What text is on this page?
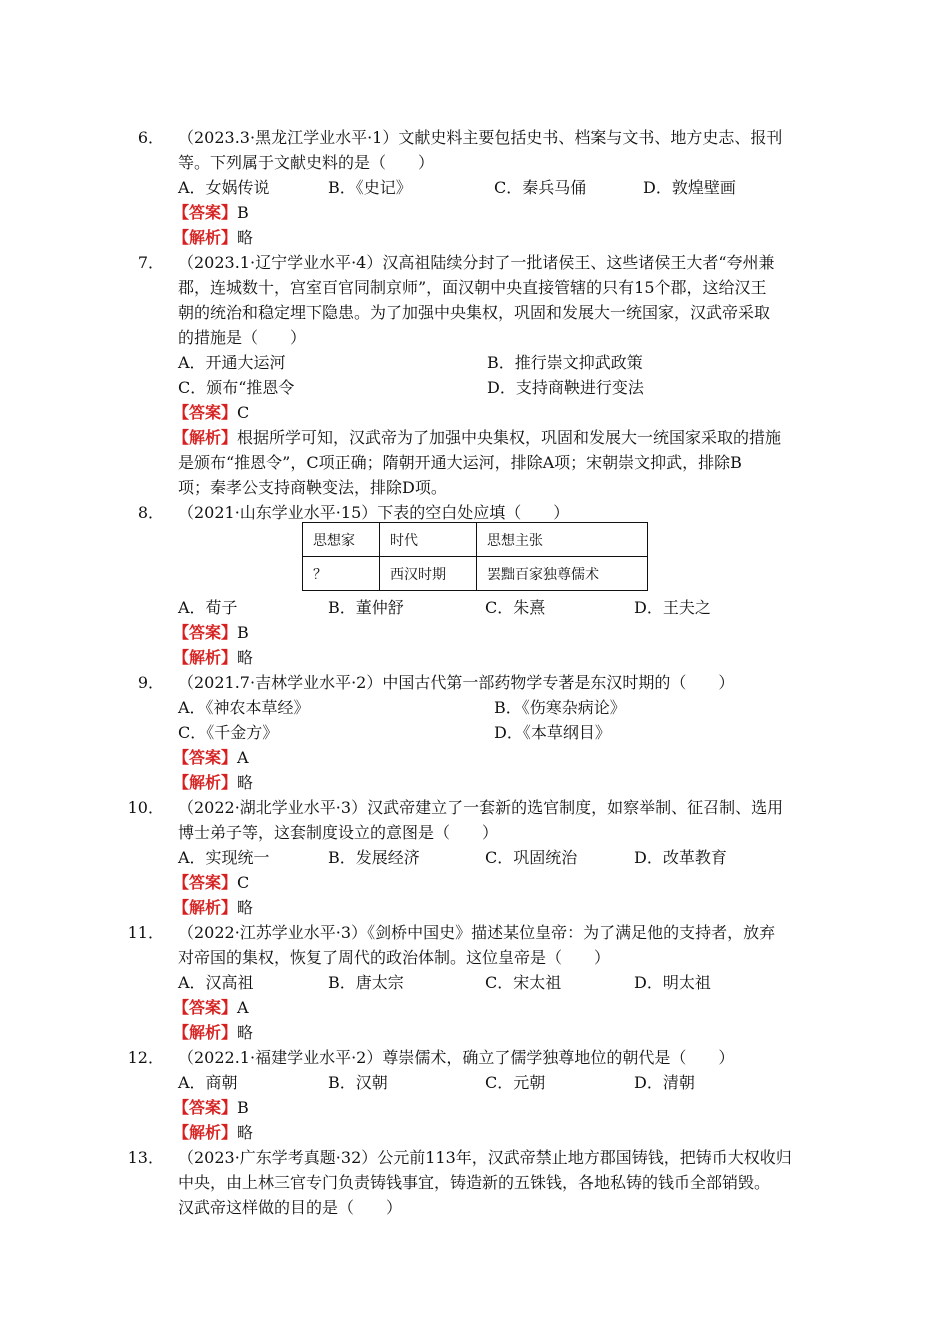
6． （2023.3·黑龙江学业水平·1）文献史料主要包括史书、档案与文书、地方史志、报刊
等。下列属于文献史料的是（　　）
A．女娲传说	B．《史记》	C．秦兵马俑	D．敦煌壁画
【答案】B
【解析】略
7． （2023.1·辽宁学业水平·4）汉高祖陆续分封了一批诸侯王、这些诸侯王大者“夸州兼
郡，连城数十，宫室百官同制京师”，面汉朝中央直接管辖的只有15个郡，这给汉王
朝的统治和稳定埋下隐患。为了加强中央集权，巩固和发展大一统国家，汉武帝采取
的措施是（　　）
A．开通大运河	B．推行崇文抑武政策
C．颁布“推恩令	D．支持商鞅进行变法
【答案】C
【解析】根据所学可知，汉武帝为了加强中央集权，巩固和发展大一统国家采取的措施
是颁布“推恩令”，C项正确；隋朝开通大运河，排除A项；宋朝崇文抑武，排除B
项；秦孝公支持商鞅变法，排除D项。
8． （2021·山东学业水平·15）下表的空白处应填（　　）
思想家	时代	思想主张
？	西汉时期	罢黜百家独尊儒术
A．荀子	B．董仲舒	C．朱熹	D．王夫之
【答案】B
【解析】略
9． （2021.7·吉林学业水平·2）中国古代第一部药物学专著是东汉时期的（　　）
A．《神农本草经》	B．《伤寒杂病论》
C．《千金方》	D．《本草纲目》
【答案】A
【解析】略
10． （2022·湖北学业水平·3）汉武帝建立了一套新的选官制度，如察举制、征召制、选用
博士弟子等，这套制度设立的意图是（　　）
A．实现统一	B．发展经济	C．巩固统治	D．改革教育
【答案】C
【解析】略
11． （2022·江苏学业水平·3）《剑桥中国史》描述某位皇帝：为了满足他的支持者，放弃
对帝国的集权，恢复了周代的政治体制。这位皇帝是（　　）
A．汉高祖	B．唐太宗	C．宋太祖	D．明太祖
【答案】A
【解析】略
12． （2022.1·福建学业水平·2）尊崇儒术，确立了儒学独尊地位的朝代是（　　）
A．商朝	B．汉朝	C．元朝	D．清朝
【答案】B
【解析】略
13． （2023·广东学考真题·32）公元前113年，汉武帝禁止地方郡国铸钱，把铸币大权收归
中央，由上林三官专门负责铸钱事宜，铸造新的五铢钱，各地私铸的钱币全部销毁。
汉武帝这样做的目的是（　　）
